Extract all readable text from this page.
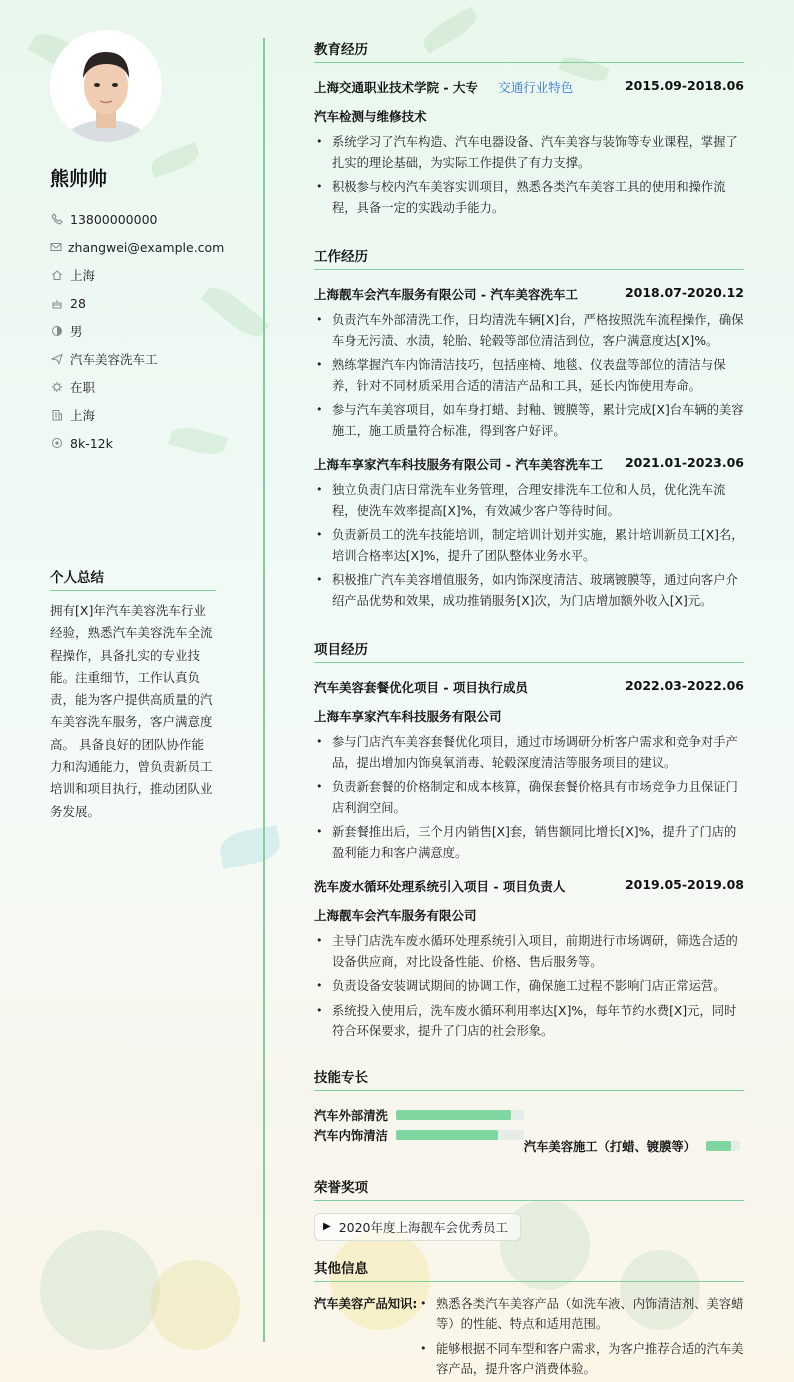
熊帅帅
13800000000
zhangwei@example.com
上海
28
男
汽车美容洗车工
在职
上海
8k-12k
个人总结
拥有[X]年汽车美容洗车行业经验，熟悉汽车美容洗车全流程操作，具备扎实的专业技能。注重细节，工作认真负责，能为客户提供高质量的汽车美容洗车服务，客户满意度高。 具备良好的团队协作能力和沟通能力，曾负责新员工培训和项目执行，推动团队业务发展。
教育经历
上海交通职业技术学院 - 大专 交通行业特色	2015.09-2018.06
汽车检测与维修技术
• 系统学习了汽车构造、汽车电器设备、汽车美容与装饰等专业课程，掌握了扎实的理论基础，为实际工作提供了有力支撑。
• 积极参与校内汽车美容实训项目，熟悉各类汽车美容工具的使用和操作流程，具备一定的实践动手能力。
工作经历
上海靓车会汽车服务有限公司 - 汽车美容洗车工	2018.07-2020.12
• 负责汽车外部清洗工作，日均清洗车辆[X]台，严格按照洗车流程操作，确保车身无污渍、水渍，轮胎、轮毂等部位清洁到位，客户满意度达[X]%。
• 熟练掌握汽车内饰清洁技巧，包括座椅、地毯、仪表盘等部位的清洁与保养，针对不同材质采用合适的清洁产品和工具，延长内饰使用寿命。
• 参与汽车美容项目，如车身打蜡、封釉、镀膜等，累计完成[X]台车辆的美容施工，施工质量符合标准，得到客户好评。
上海车享家汽车科技服务有限公司 - 汽车美容洗车工 2021.01-2023.06
• 独立负责门店日常洗车业务管理，合理安排洗车工位和人员，优化洗车流程，使洗车效率提高[X]%，有效减少客户等待时间。
• 负责新员工的洗车技能培训，制定培训计划并实施，累计培训新员工[X]名，培训合格率达[X]%，提升了团队整体业务水平。
• 积极推广汽车美容增值服务，如内饰深度清洁、玻璃镀膜等，通过向客户介绍产品优势和效果，成功推销服务[X]次，为门店增加额外收入[X]元。
项目经历
汽车美容套餐优化项目 - 项目执行成员	2022.03-2022.06
上海车享家汽车科技服务有限公司
• 参与门店汽车美容套餐优化项目，通过市场调研分析客户需求和竞争对手产品，提出增加内饰臭氧消毒、轮毂深度清洁等服务项目的建议。
• 负责新套餐的价格制定和成本核算，确保套餐价格具有市场竞争力且保证门店利润空间。
• 新套餐推出后，三个月内销售[X]套，销售额同比增长[X]%，提升了门店的盈利能力和客户满意度。
洗车废水循环处理系统引入项目 - 项目负责人	2019.05-2019.08
上海靓车会汽车服务有限公司
• 主导门店洗车废水循环处理系统引入项目，前期进行市场调研，筛选合适的设备供应商，对比设备性能、价格、售后服务等。
• 负责设备安装调试期间的协调工作，确保施工过程不影响门店正常运营。
• 系统投入使用后，洗车废水循环利用率达[X]%，每年节约水费[X]元，同时符合环保要求，提升了门店的社会形象。
技能专长
汽车外部清洗
汽车内饰清洁
汽车美容施工（打蜡、镀膜等）
荣誉奖项
▶ 2020年度上海靓车会优秀员工
其他信息
汽车美容产品知识:
•	熟悉各类汽车美容产品（如洗车液、内饰清洁剂、美容蜡等）的性能、特点和适用范围。
• 能够根据不同车型和客户需求，为客户推荐合适的汽车美容产品，提升客户消费体验。
